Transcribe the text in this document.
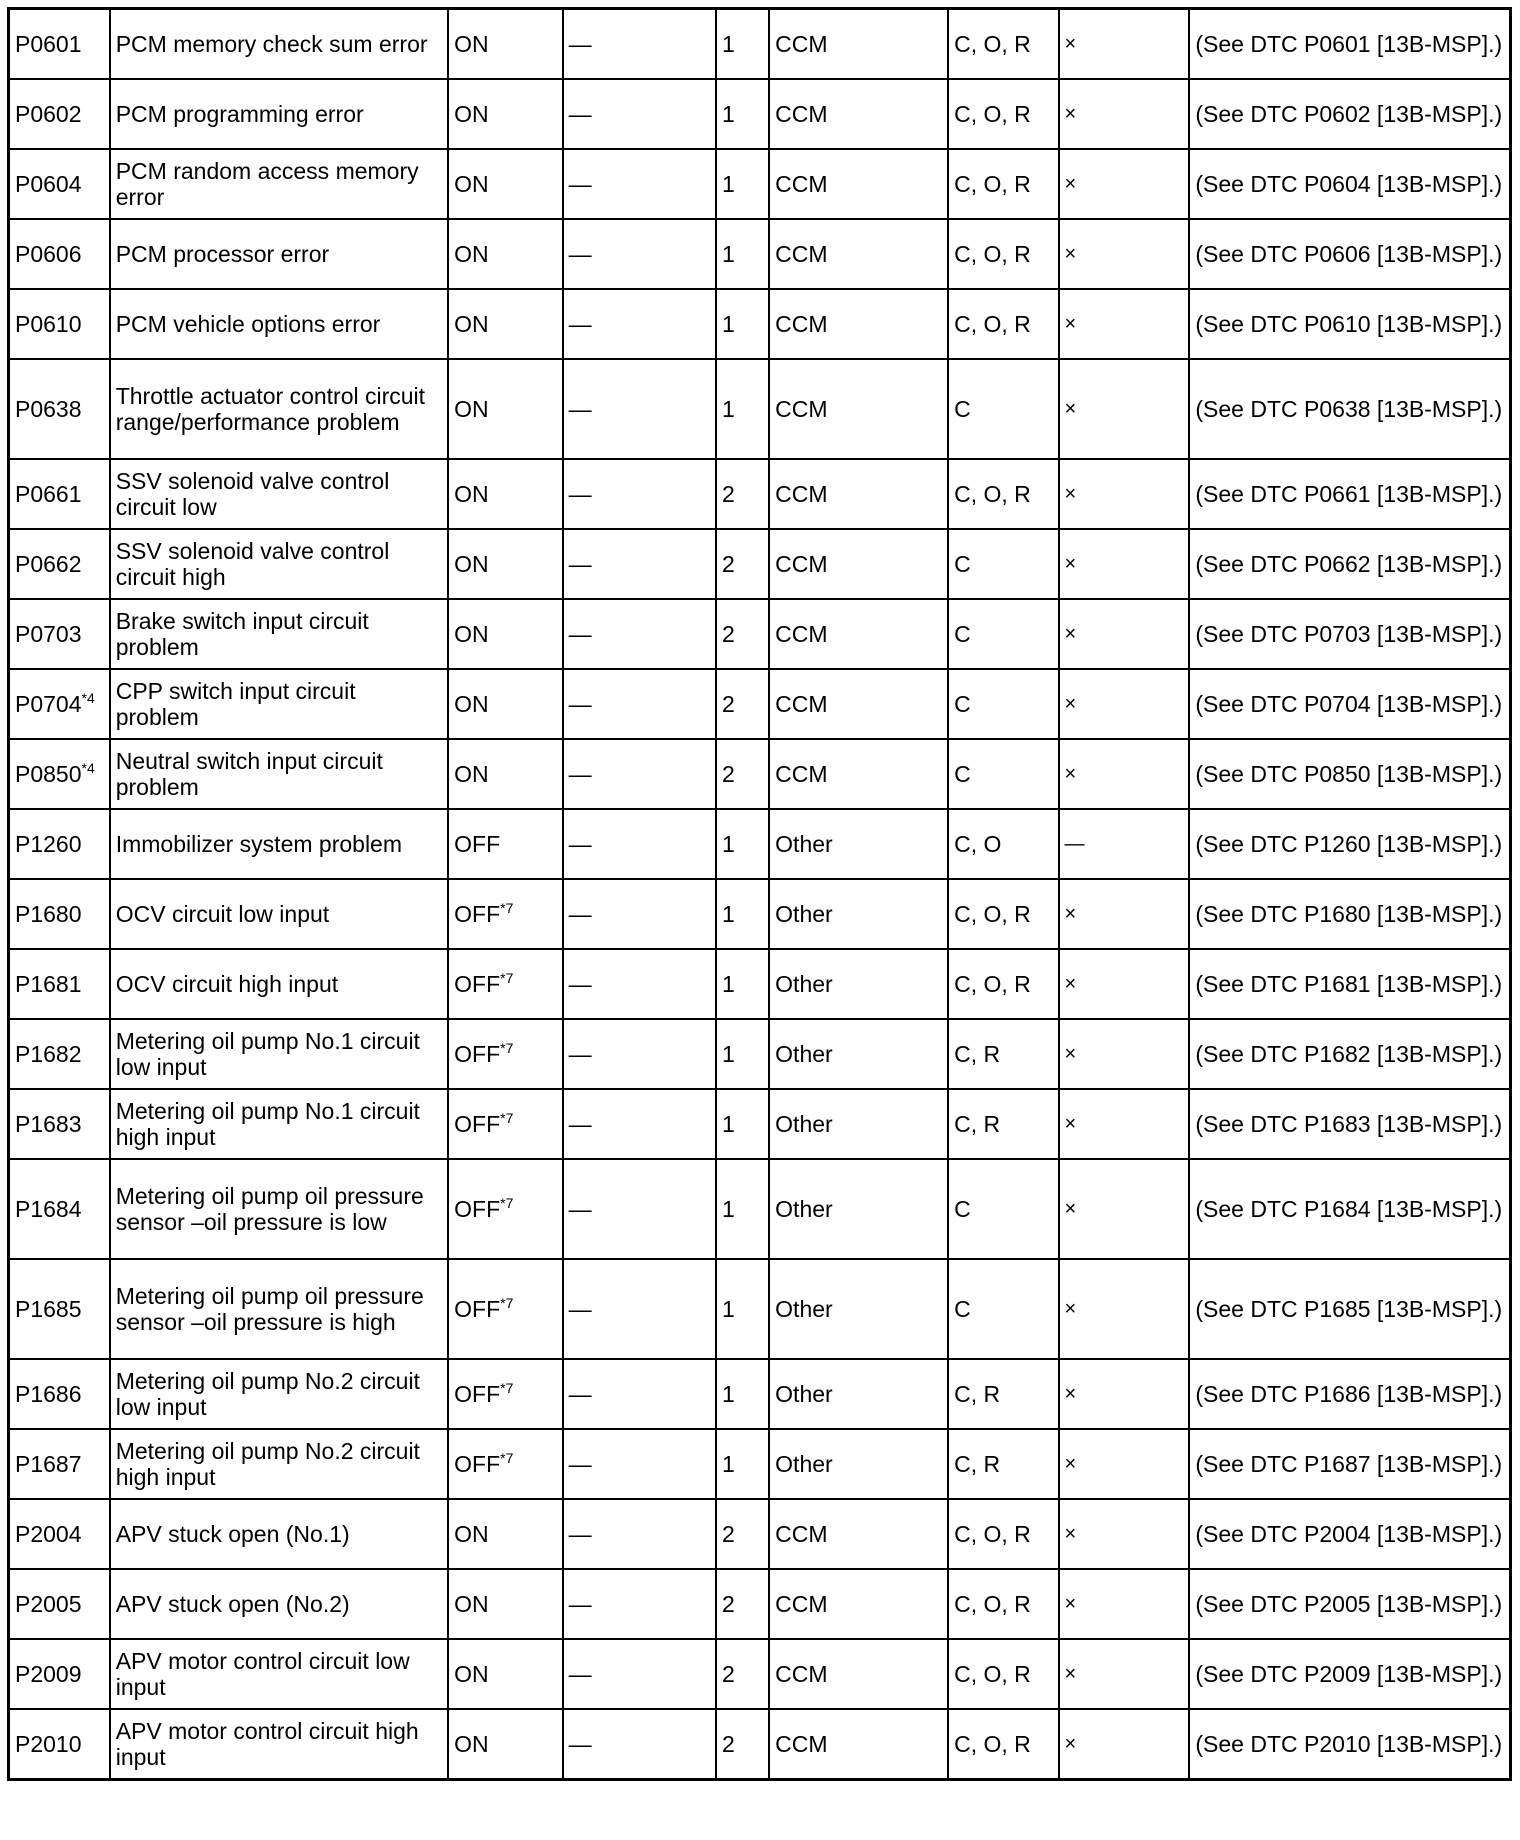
P0601	PCM memory check sum error	ON	—	1	CCM	C, O, R	×	(See DTC P0601 [13B-MSP].)
P0602	PCM programming error	ON	—	1	CCM	C, O, R	×	(See DTC P0602 [13B-MSP].)
P0604	PCM random access memory error	ON	—	1	CCM	C, O, R	×	(See DTC P0604 [13B-MSP].)
P0606	PCM processor error	ON	—	1	CCM	C, O, R	×	(See DTC P0606 [13B-MSP].)
P0610	PCM vehicle options error	ON	—	1	CCM	C, O, R	×	(See DTC P0610 [13B-MSP].)
P0638	Throttle actuator control circuit range/performance problem	ON	—	1	CCM	C	×	(See DTC P0638 [13B-MSP].)
P0661	SSV solenoid valve control circuit low	ON	—	2	CCM	C, O, R	×	(See DTC P0661 [13B-MSP].)
P0662	SSV solenoid valve control circuit high	ON	—	2	CCM	C	×	(See DTC P0662 [13B-MSP].)
P0703	Brake switch input circuit problem	ON	—	2	CCM	C	×	(See DTC P0703 [13B-MSP].)
P0704$^{*4}$	CPP switch input circuit problem	ON	—	2	CCM	C	×	(See DTC P0704 [13B-MSP].)
P0850$^{*4}$	Neutral switch input circuit problem	ON	—	2	CCM	C	×	(See DTC P0850 [13B-MSP].)
P1260	Immobilizer system problem	OFF	—	1	Other	C, O	—	(See DTC P1260 [13B-MSP].)
P1680	OCV circuit low input	OFF$^{*7}$	—	1	Other	C, O, R	×	(See DTC P1680 [13B-MSP].)
P1681	OCV circuit high input	OFF$^{*7}$	—	1	Other	C, O, R	×	(See DTC P1681 [13B-MSP].)
P1682	Metering oil pump No.1 circuit low input	OFF$^{*7}$	—	1	Other	C, R	×	(See DTC P1682 [13B-MSP].)
P1683	Metering oil pump No.1 circuit high input	OFF$^{*7}$	—	1	Other	C, R	×	(See DTC P1683 [13B-MSP].)
P1684	Metering oil pump oil pressure sensor –oil pressure is low	OFF$^{*7}$	—	1	Other	C	×	(See DTC P1684 [13B-MSP].)
P1685	Metering oil pump oil pressure sensor –oil pressure is high	OFF$^{*7}$	—	1	Other	C	×	(See DTC P1685 [13B-MSP].)
P1686	Metering oil pump No.2 circuit low input	OFF$^{*7}$	—	1	Other	C, R	×	(See DTC P1686 [13B-MSP].)
P1687	Metering oil pump No.2 circuit high input	OFF$^{*7}$	—	1	Other	C, R	×	(See DTC P1687 [13B-MSP].)
P2004	APV stuck open (No.1)	ON	—	2	CCM	C, O, R	×	(See DTC P2004 [13B-MSP].)
P2005	APV stuck open (No.2)	ON	—	2	CCM	C, O, R	×	(See DTC P2005 [13B-MSP].)
P2009	APV motor control circuit low input	ON	—	2	CCM	C, O, R	×	(See DTC P2009 [13B-MSP].)
P2010	APV motor control circuit high input	ON	—	2	CCM	C, O, R	×	(See DTC P2010 [13B-MSP].)
